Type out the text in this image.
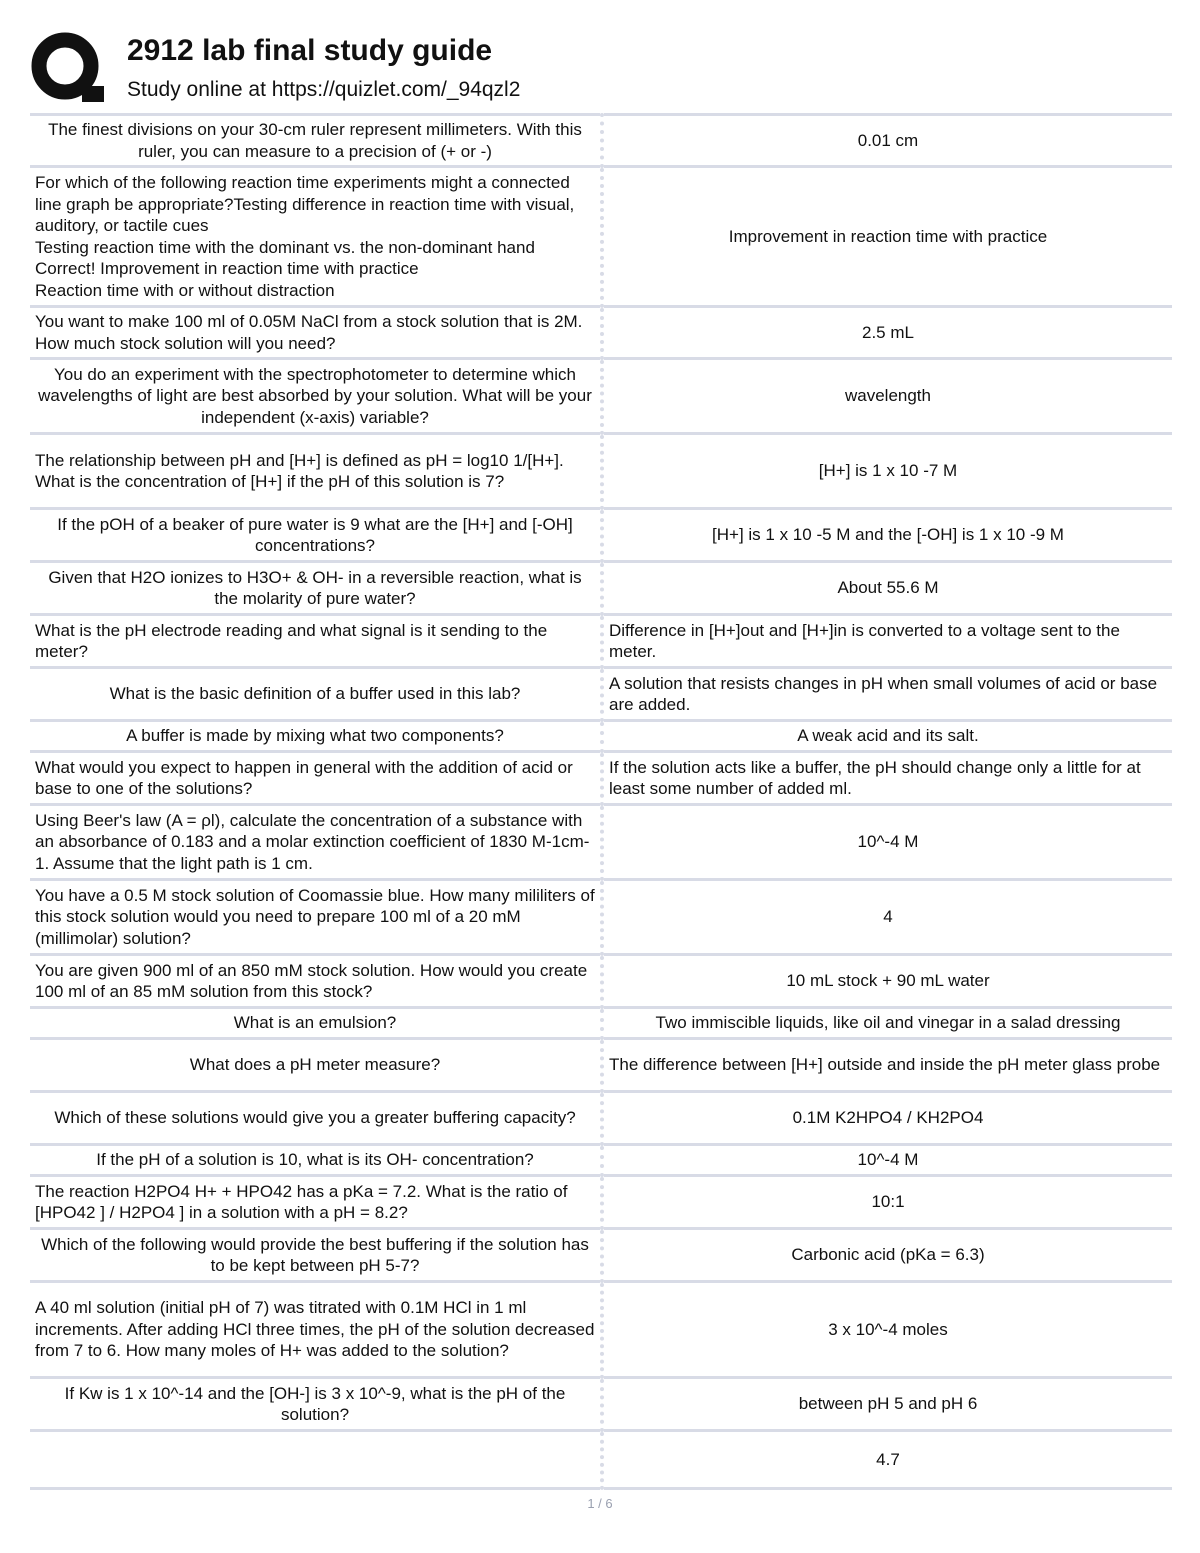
2912 lab final study guide
Study online at https://quizlet.com/_94qzl2
The finest divisions on your 30-cm ruler represent millimeters. With this ruler, you can measure to a precision of (+ or -)	0.01 cm
For which of the following reaction time experiments might a connected line graph be appropriate?Testing difference in reaction time with visual, auditory, or tactile cues
Testing reaction time with the dominant vs. the non-dominant hand
Correct! Improvement in reaction time with practice
Reaction time with or without distraction	Improvement in reaction time with practice
You want to make 100 ml of 0.05M NaCl from a stock solution that is 2M. How much stock solution will you need?	2.5 mL
You do an experiment with the spectrophotometer to determine which wavelengths of light are best absorbed by your solution. What will be your independent (x-axis) variable?	wavelength
The relationship between pH and [H+] is defined as pH = log10 1/[H+]. What is the concentration of [H+] if the pH of this solution is 7?	[H+] is 1 x 10 -7 M
If the pOH of a beaker of pure water is 9 what are the [H+] and [-OH] concentrations?	[H+] is 1 x 10 -5 M and the [-OH] is 1 x 10 -9 M
Given that H2O ionizes to H3O+ & OH- in a reversible reaction, what is the molarity of pure water?	About 55.6 M
What is the pH electrode reading and what signal is it sending to the meter?	Difference in [H+]out and [H+]in is converted to a voltage sent to the meter.
What is the basic definition of a buffer used in this lab?	A solution that resists changes in pH when small volumes of acid or base are added.
A buffer is made by mixing what two components?	A weak acid and its salt.
What would you expect to happen in general with the addition of acid or base to one of the solutions?	If the solution acts like a buffer, the pH should change only a little for at least some number of added ml.
Using Beer's law (A = ρl), calculate the concentration of a substance with an absorbance of 0.183 and a molar extinction coefficient of 1830 M-1cm-1. Assume that the light path is 1 cm.	10^-4 M
You have a 0.5 M stock solution of Coomassie blue. How many mililiters of this stock solution would you need to prepare 100 ml of a 20 mM (millimolar) solution?	4
You are given 900 ml of an 850 mM stock solution. How would you create 100 ml of an 85 mM solution from this stock?	10 mL stock + 90 mL water
What is an emulsion?	Two immiscible liquids, like oil and vinegar in a salad dressing
What does a pH meter measure?	The difference between [H+] outside and inside the pH meter glass probe
Which of these solutions would give you a greater buffering capacity?	0.1M K2HPO4 / KH2PO4
If the pH of a solution is 10, what is its OH- concentration?	10^-4 M
The reaction H2PO4 H+ + HPO42 has a pKa = 7.2. What is the ratio of [HPO42 ] / H2PO4 ] in a solution with a pH = 8.2?	10:1
Which of the following would provide the best buffering if the solution has to be kept between pH 5-7?	Carbonic acid (pKa = 6.3)
A 40 ml solution (initial pH of 7) was titrated with 0.1M HCl in 1 ml increments. After adding HCl three times, the pH of the solution decreased from 7 to 6. How many moles of H+ was added to the solution?	3 x 10^-4 moles
If Kw is 1 x 10^-14 and the [OH-] is 3 x 10^-9, what is the pH of the solution?	between pH 5 and pH 6
	4.7
1 / 6
